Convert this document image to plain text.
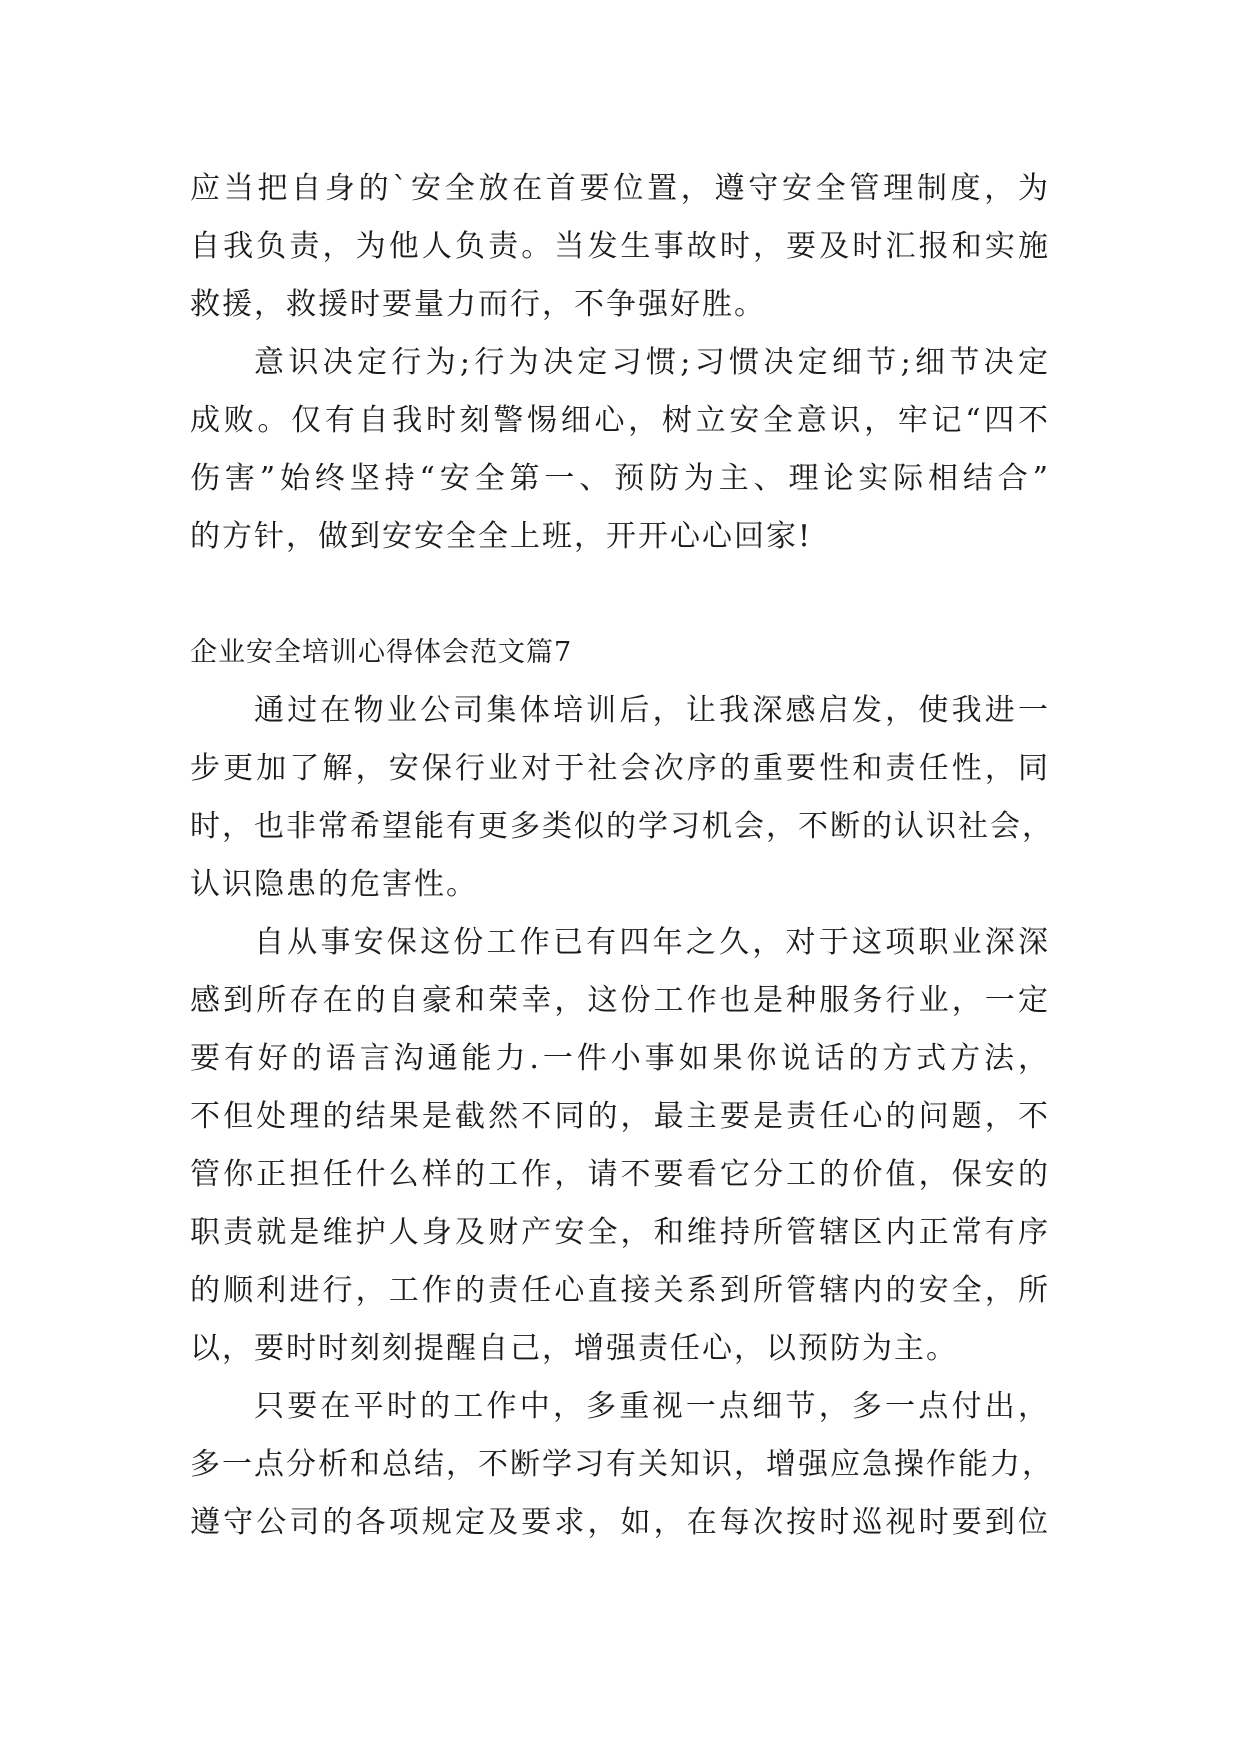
应当把自身的`安全放在首要位置，遵守安全管理制度，为
自我负责，为他人负责。当发生事故时，要及时汇报和实施
救援，救援时要量力而行，不争强好胜。
意识决定行为;行为决定习惯;习惯决定细节;细节决定
成败。仅有自我时刻警惕细心，树立安全意识，牢记“四不
伤害”始终坚持“安全第一、预防为主、理论实际相结合”
的方针，做到安安全全上班，开开心心回家!
企业安全培训心得体会范文篇7
通过在物业公司集体培训后，让我深感启发，使我进一
步更加了解，安保行业对于社会次序的重要性和责任性，同
时，也非常希望能有更多类似的学习机会，不断的认识社会，
认识隐患的危害性。
自从事安保这份工作已有四年之久，对于这项职业深深
感到所存在的自豪和荣幸，这份工作也是种服务行业，一定
要有好的语言沟通能力.一件小事如果你说话的方式方法，
不但处理的结果是截然不同的，最主要是责任心的问题，不
管你正担任什么样的工作，请不要看它分工的价值，保安的
职责就是维护人身及财产安全，和维持所管辖区内正常有序
的顺利进行，工作的责任心直接关系到所管辖内的安全，所
以，要时时刻刻提醒自己，增强责任心，以预防为主。
只要在平时的工作中，多重视一点细节，多一点付出，
多一点分析和总结，不断学习有关知识，增强应急操作能力，
遵守公司的各项规定及要求，如，在每次按时巡视时要到位
